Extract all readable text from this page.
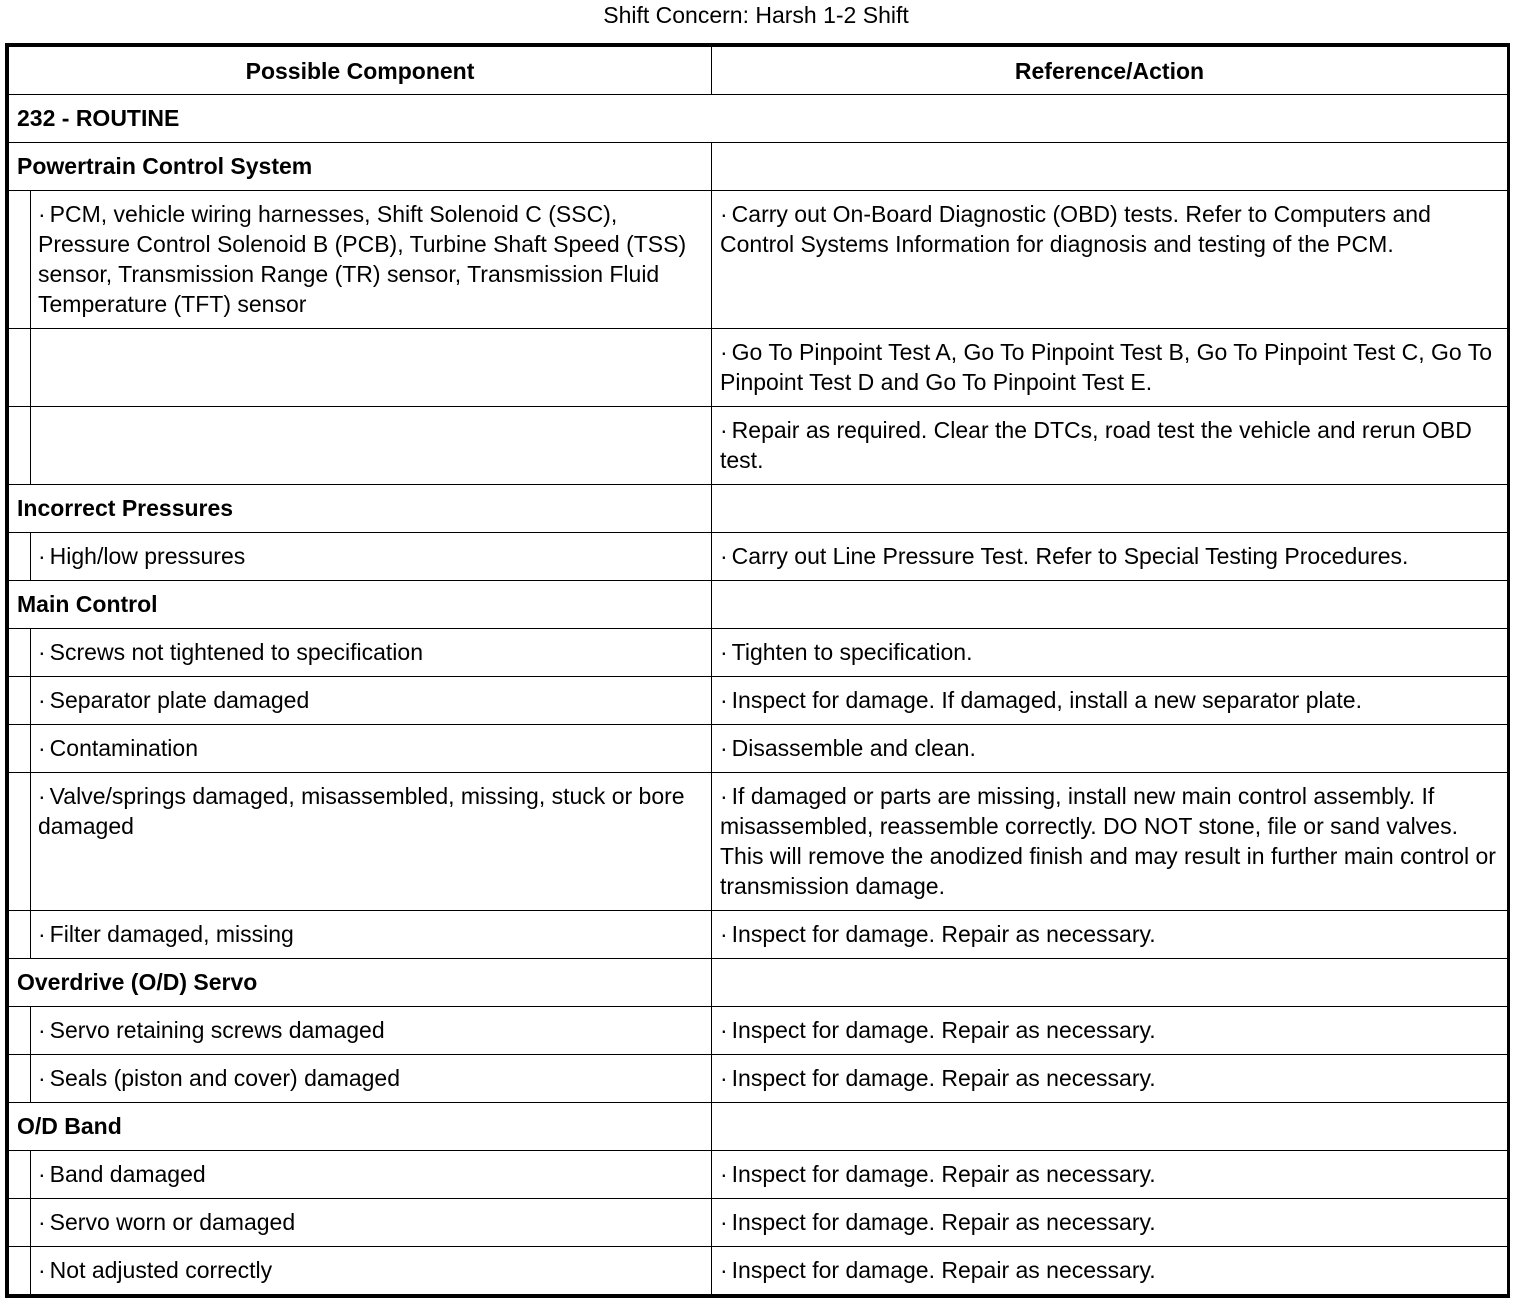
Shift Concern: Harsh 1-2 Shift
Possible Component		Reference/Action
232 - ROUTINE		
Powertrain Control System		
	· PCM, vehicle wiring harnesses, Shift Solenoid C (SSC), Pressure Control Solenoid B (PCB), Turbine Shaft Speed (TSS) sensor, Transmission Range (TR) sensor, Transmission Fluid Temperature (TFT) sensor	· Carry out On-Board Diagnostic (OBD) tests. Refer to Computers and Control Systems Information for diagnosis and testing of the PCM.
		· Go To Pinpoint Test A, Go To Pinpoint Test B, Go To Pinpoint Test C, Go To Pinpoint Test D and Go To Pinpoint Test E.
		· Repair as required. Clear the DTCs, road test the vehicle and rerun OBD test.
Incorrect Pressures		
	· High/low pressures	· Carry out Line Pressure Test. Refer to Special Testing Procedures.
Main Control		
	· Screws not tightened to specification	· Tighten to specification.
	· Separator plate damaged	· Inspect for damage. If damaged, install a new separator plate.
	· Contamination	· Disassemble and clean.
	· Valve/springs damaged, misassembled, missing, stuck or bore damaged	· If damaged or parts are missing, install new main control assembly. If misassembled, reassemble correctly. DO NOT stone, file or sand valves. This will remove the anodized finish and may result in further main control or transmission damage.
	· Filter damaged, missing	· Inspect for damage. Repair as necessary.
Overdrive (O/D) Servo		
	· Servo retaining screws damaged	· Inspect for damage. Repair as necessary.
	· Seals (piston and cover) damaged	· Inspect for damage. Repair as necessary.
O/D Band		
	· Band damaged	· Inspect for damage. Repair as necessary.
	· Servo worn or damaged	· Inspect for damage. Repair as necessary.
	· Not adjusted correctly	· Inspect for damage. Repair as necessary.
